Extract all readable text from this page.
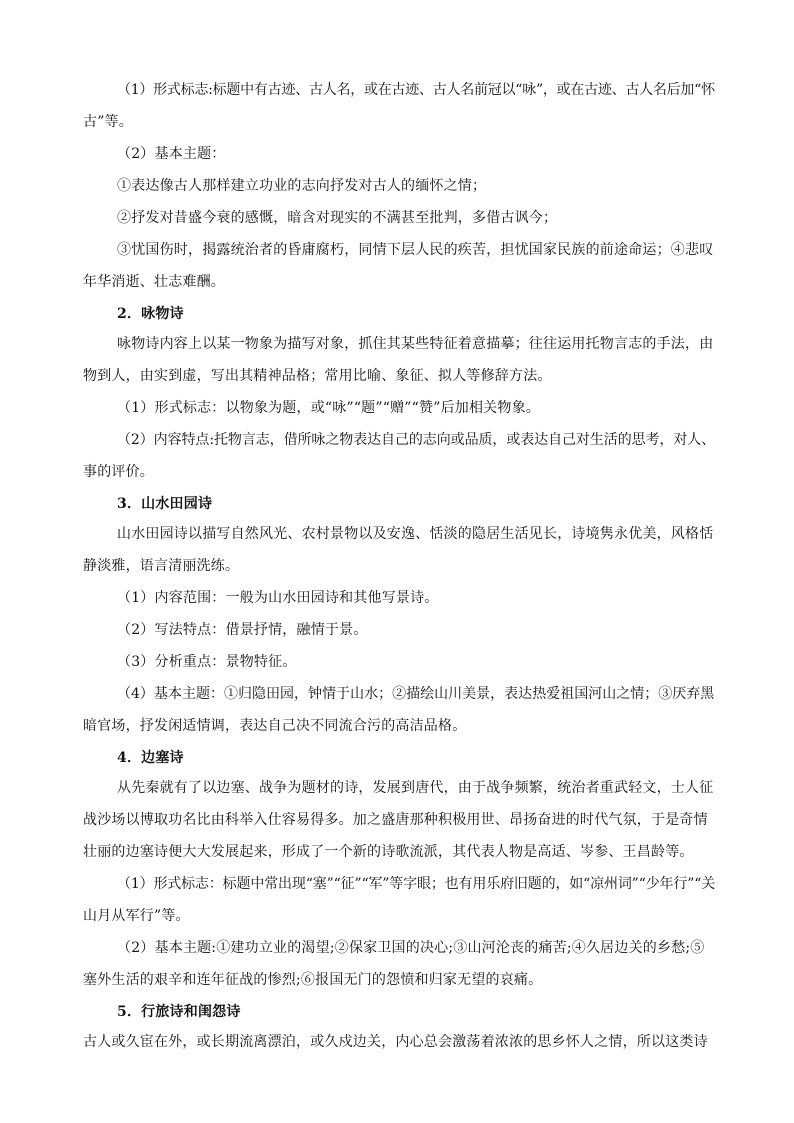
（1）形式标志:标题中有古迹、古人名，或在古迹、古人名前冠以“咏”，或在古迹、古人名后加“怀

古”等。

（2）基本主题：

①表达像古人那样建立功业的志向抒发对古人的缅怀之情；

②抒发对昔盛今衰的感慨，暗含对现实的不满甚至批判，多借古讽今；

③忧国伤时，揭露统治者的昏庸腐朽，同情下层人民的疾苦，担忧国家民族的前途命运；④悲叹

年华消逝、壮志难酬。

2．咏物诗

咏物诗内容上以某一物象为描写对象，抓住其某些特征着意描摹；往往运用托物言志的手法，由

物到人，由实到虚，写出其精神品格；常用比喻、象征、拟人等修辞方法。

（1）形式标志：以物象为题，或“咏”“题”“赠”“赞”后加相关物象。

（2）内容特点:托物言志，借所咏之物表达自己的志向或品质，或表达自己对生活的思考，对人、

事的评价。

3．山水田园诗

山水田园诗以描写自然风光、农村景物以及安逸、恬淡的隐居生活见长，诗境隽永优美，风格恬

静淡雅，语言清丽洗练。

（1）内容范围：一般为山水田园诗和其他写景诗。

（2）写法特点：借景抒情，融情于景。

（3）分析重点：景物特征。

（4）基本主题：①归隐田园，钟情于山水；②描绘山川美景，表达热爱祖国河山之情；③厌弃黑

暗官场，抒发闲适情调，表达自己决不同流合污的高洁品格。

4．边塞诗

从先秦就有了以边塞、战争为题材的诗，发展到唐代，由于战争频繁，统治者重武轻文，士人征

战沙场以博取功名比由科举入仕容易得多。加之盛唐那种积极用世、昂扬奋进的时代气氛，于是奇情

壮丽的边塞诗便大大发展起来，形成了一个新的诗歌流派，其代表人物是高适、岑参、王昌龄等。

（1）形式标志：标题中常出现“塞”“征”“军”等字眼；也有用乐府旧题的，如“凉州词”“少年行”“关

山月从军行”等。

（2）基本主题:①建功立业的渴望;②保家卫国的决心;③山河沦丧的痛苦;④久居边关的乡愁;⑤

塞外生活的艰辛和连年征战的惨烈;⑥报国无门的怨愤和归家无望的哀痛。

5．行旅诗和闺怨诗

古人或久宦在外，或长期流离漂泊，或久戍边关，内心总会激荡着浓浓的思乡怀人之情，所以这类诗
